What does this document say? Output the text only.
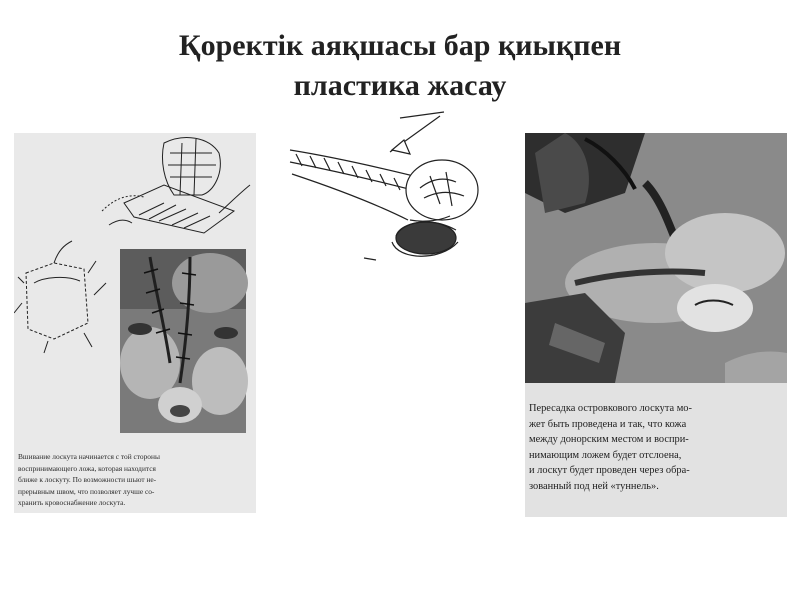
Қоректік аяқшасы бар қиықпен
пластика жасау
Вшивание лоскута начинается с той стороны
воспринимающего ложа, которая находится
ближе к лоскуту. По возможности шьют не-
прерывным швом, что позволяет лучше со-
хранить кровоснабжение лоскута.
Пересадка островкового лоскута мо-
жет быть проведена и так, что кожа
между донорским местом и воспри-
нимающим ложем будет отслоена,
и лоскут будет проведен через обра-
зованный под ней «туннель».
